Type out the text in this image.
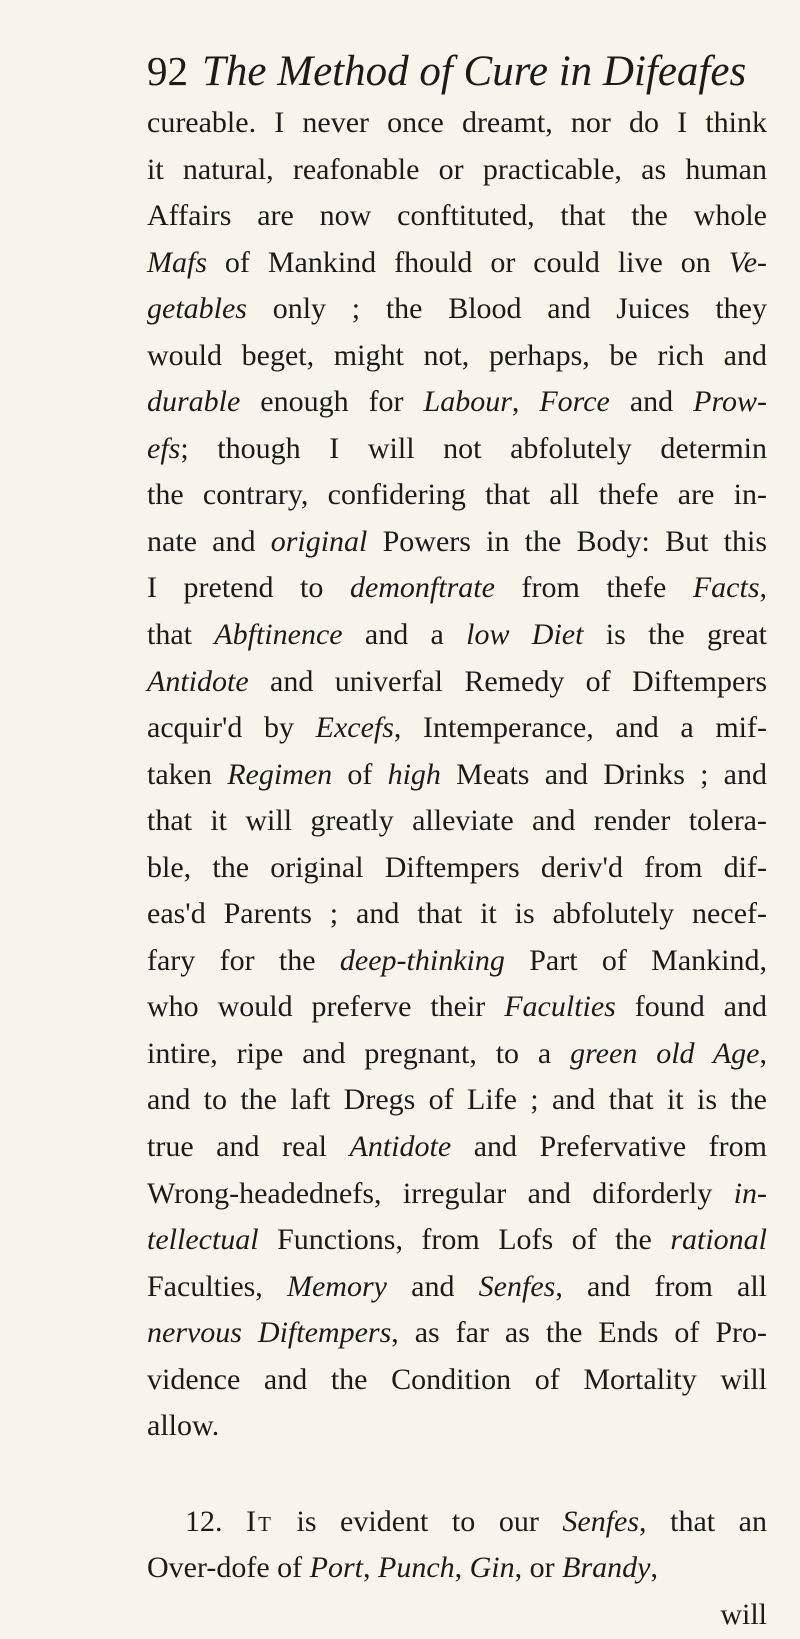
92 The Method of Cure in Difeafes
cureable. I never once dreamt, nor do I think
it natural, reafonable or practicable, as human
Affairs are now conftituted, that the whole
Mafs of Mankind fhould or could live on Ve-
getables only ; the Blood and Juices they
would beget, might not, perhaps, be rich and
durable enough for Labour, Force and Prow-
efs; though I will not abfolutely determin
the contrary, confidering that all thefe are in-
nate and original Powers in the Body: But this
I pretend to demonftrate from thefe Facts,
that Abftinence and a low Diet is the great
Antidote and univerfal Remedy of Diftempers
acquir'd by Excefs, Intemperance, and a mif-
taken Regimen of high Meats and Drinks ; and
that it will greatly alleviate and render tolera-
ble, the original Diftempers deriv'd from dif-
eas'd Parents ; and that it is abfolutely necef-
fary for the deep-thinking Part of Mankind,
who would preferve their Faculties found and
intire, ripe and pregnant, to a green old Age,
and to the laft Dregs of Life ; and that it is the
true and real Antidote and Prefervative from
Wrong-headednefs, irregular and diforderly in-
tellectual Functions, from Lofs of the rational
Faculties, Memory and Senfes, and from all
nervous Diftempers, as far as the Ends of Pro-
vidence and the Condition of Mortality will
allow.
12. It is evident to our Senfes, that an
Over-dofe of Port, Punch, Gin, or Brandy,
will
